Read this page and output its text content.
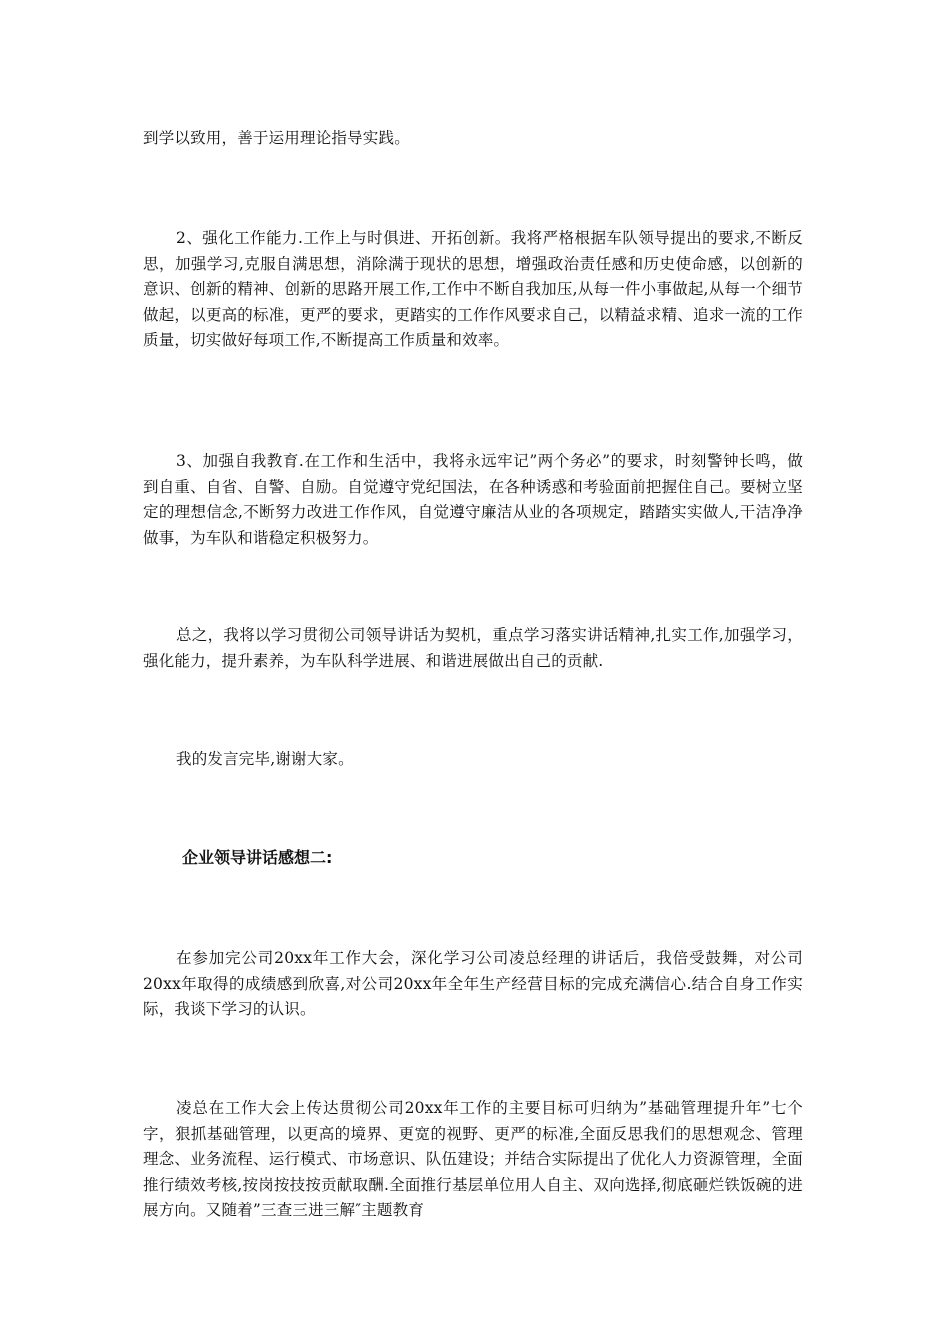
到学以致用，善于运用理论指导实践。

2、强化工作能力.工作上与时俱进、开拓创新。我将严格根据车队领导提出的要求,不断反思，加强学习,克服自满思想，消除满于现状的思想，增强政治责任感和历史使命感，以创新的意识、创新的精神、创新的思路开展工作,工作中不断自我加压,从每一件小事做起,从每一个细节做起，以更高的标准，更严的要求，更踏实的工作作风要求自己，以精益求精、追求一流的工作质量，切实做好每项工作,不断提高工作质量和效率。

3、加强自我教育.在工作和生活中，我将永远牢记”两个务必”的要求，时刻警钟长鸣，做到自重、自省、自警、自励。自觉遵守党纪国法，在各种诱惑和考验面前把握住自己。要树立坚定的理想信念,不断努力改进工作作风，自觉遵守廉洁从业的各项规定，踏踏实实做人,干洁净净做事，为车队和谐稳定积极努力。

总之，我将以学习贯彻公司领导讲话为契机，重点学习落实讲话精神,扎实工作,加强学习，强化能力，提升素养，为车队科学进展、和谐进展做出自己的贡献.

我的发言完毕,谢谢大家。

企业领导讲话感想二:

在参加完公司20xx年工作大会，深化学习公司凌总经理的讲话后，我倍受鼓舞，对公司20xx年取得的成绩感到欣喜,对公司20xx年全年生产经营目标的完成充满信心.结合自身工作实际，我谈下学习的认识。

凌总在工作大会上传达贯彻公司20xx年工作的主要目标可归纳为”基础管理提升年”七个字，狠抓基础管理，以更高的境界、更宽的视野、更严的标准,全面反思我们的思想观念、管理理念、业务流程、运行模式、市场意识、队伍建设；并结合实际提出了优化人力资源管理，全面推行绩效考核,按岗按技按贡献取酬.全面推行基层单位用人自主、双向选择,彻底砸烂铁饭碗的进展方向。又随着”三查三进三解″主题教育
